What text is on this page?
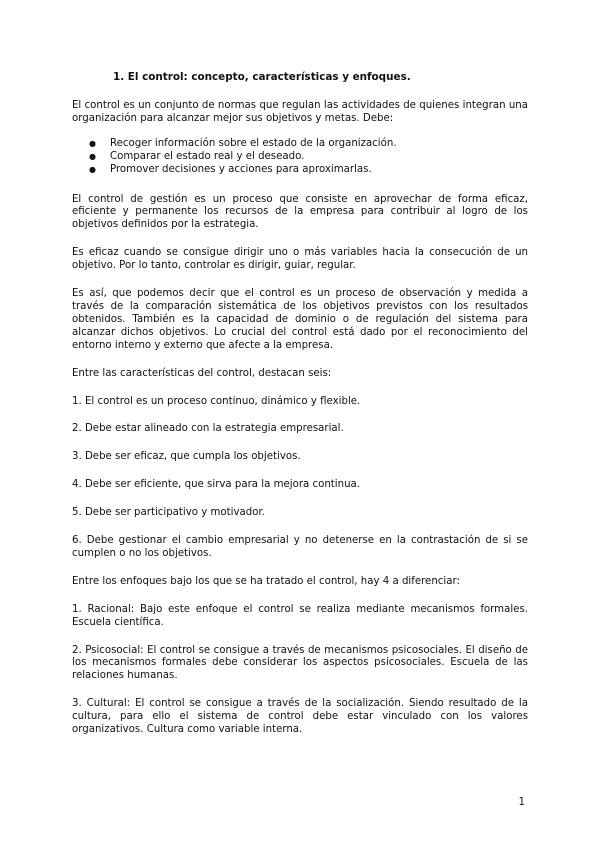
1. El control: concepto, características y enfoques.

El control es un conjunto de normas que regulan las actividades de quienes integran una organización para alcanzar mejor sus objetivos y metas. Debe:

● Recoger información sobre el estado de la organización.
● Comparar el estado real y el deseado.
● Promover decisiones y acciones para aproximarlas.

El control de gestión es un proceso que consiste en aprovechar de forma eficaz, eficiente y permanente los recursos de la empresa para contribuir al logro de los objetivos definidos por la estrategia.

Es eficaz cuando se consigue dirigir uno o más variables hacia la consecución de un objetivo. Por lo tanto, controlar es dirigir, guiar, regular.

Es así, que podemos decir que el control es un proceso de observación y medida a través de la comparación sistemática de los objetivos previstos con los resultados obtenidos. También es la capacidad de dominio o de regulación del sistema para alcanzar dichos objetivos. Lo crucial del control está dado por el reconocimiento del entorno interno y externo que afecte a la empresa.

Entre las características del control, destacan seis:

1. El control es un proceso continuo, dinámico y flexible.

2. Debe estar alineado con la estrategia empresarial.

3. Debe ser eficaz, que cumpla los objetivos.

4. Debe ser eficiente, que sirva para la mejora continua.

5. Debe ser participativo y motivador.

6. Debe gestionar el cambio empresarial y no detenerse en la contrastación de si se cumplen o no los objetivos.

Entre los enfoques bajo los que se ha tratado el control, hay 4 a diferenciar:

1. Racional: Bajo este enfoque el control se realiza mediante mecanismos formales. Escuela científica.

2. Psicosocial: El control se consigue a través de mecanismos psicosociales. El diseño de los mecanismos formales debe considerar los aspectos psicosociales. Escuela de las relaciones humanas.

3. Cultural: El control se consigue a través de la socialización. Siendo resultado de la cultura, para ello el sistema de control debe estar vinculado con los valores organizativos. Cultura como variable interna.

1
